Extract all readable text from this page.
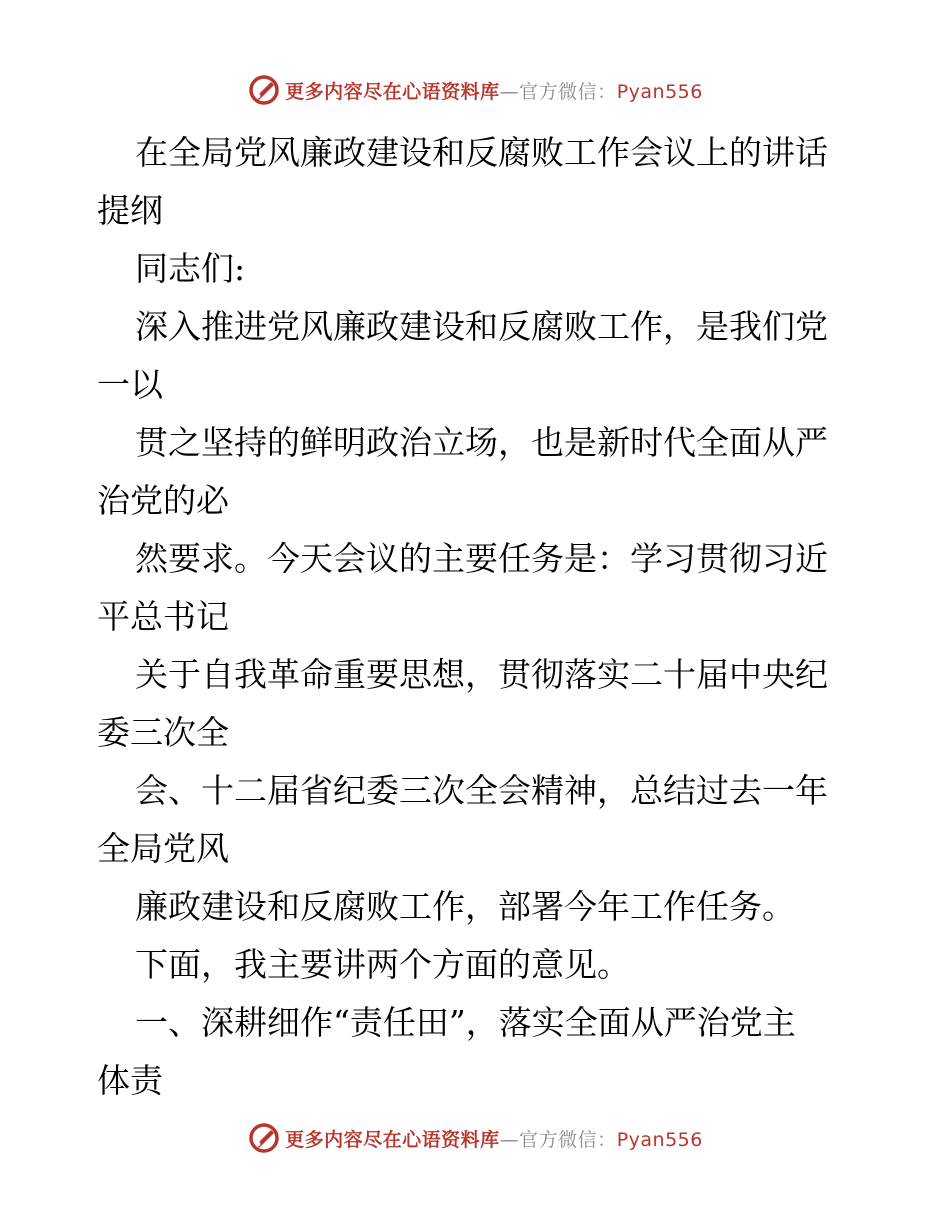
更多内容尽在心语资料库—官方微信：Pyan556
在全局党风廉政建设和反腐败工作会议上的讲话
提纲
同志们:
深入推进党风廉政建设和反腐败工作，是我们党
一以
贯之坚持的鲜明政治立场，也是新时代全面从严
治党的必
然要求。今天会议的主要任务是：学习贯彻习近
平总书记
关于自我革命重要思想，贯彻落实二十届中央纪
委三次全
会、十二届省纪委三次全会精神，总结过去一年
全局党风
廉政建设和反腐败工作，部署今年工作任务。
下面，我主要讲两个方面的意见。
一、深耕细作“责任田”，落实全面从严治党主
体责
更多内容尽在心语资料库—官方微信：Pyan556
